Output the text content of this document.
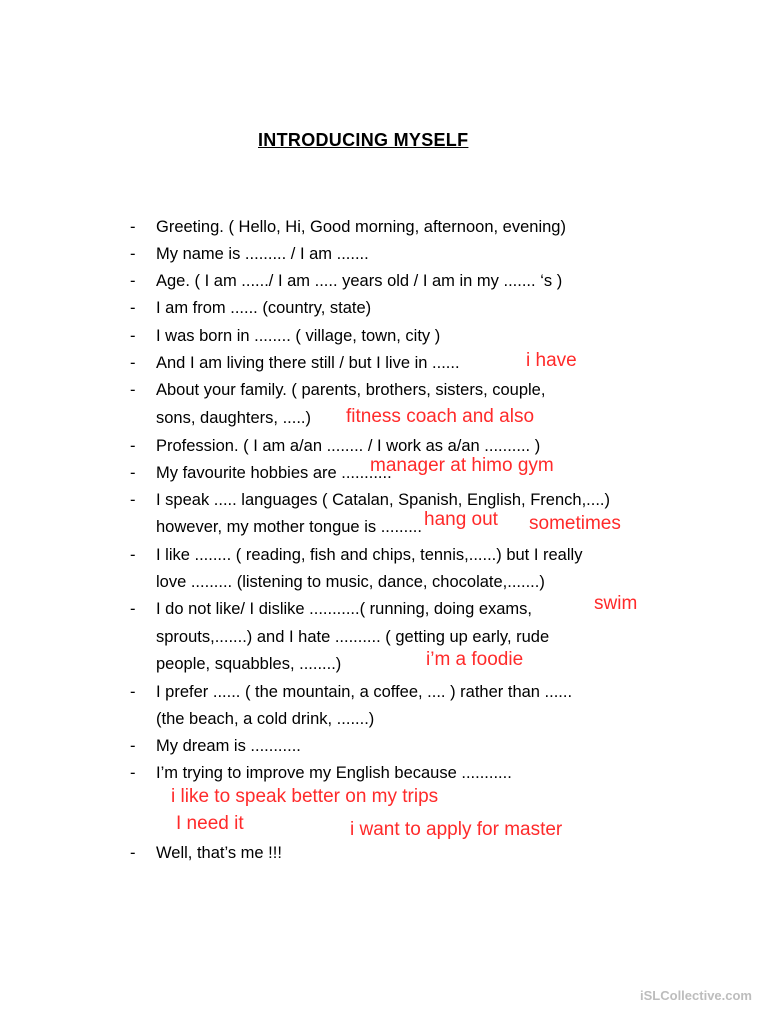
INTRODUCING MYSELF
- Greeting. ( Hello, Hi, Good morning, afternoon, evening)
- My name is ......... / I am .......
- Age. ( I am ....../ I am ..... years old / I am in my ....... ‘s )
- I am from ...... (country, state)
- I was born in ........ ( village, town, city )
- And I am living there still / but I live in ......
- About your family. ( parents, brothers, sisters, couple,
sons, daughters, .....)
- Profession. ( I am a/an ........ / I work as a/an .......... )
- My favourite hobbies are ...........
- I speak ..... languages ( Catalan, Spanish, English, French,....)
however, my mother tongue is .........
- I like ........ ( reading, fish and chips, tennis,......) but I really
love ......... (listening to music, dance, chocolate,.......)
- I do not like/ I dislike ...........( running, doing exams,
sprouts,.......) and I hate .......... ( getting up early, rude
people, squabbles, ........)
- I prefer ...... ( the mountain, a coffee, .... ) rather than ......
(the beach, a cold drink, .......)
- My dream is ...........
- I’m trying to improve my English because ...........
- Well, that’s me !!!
i have
fitness coach and also
manager at himo gym
hang out sometimes
swim
i’m a foodie
i like to speak better on my trips
I need it	i want to apply for master
iSLCollective.com
